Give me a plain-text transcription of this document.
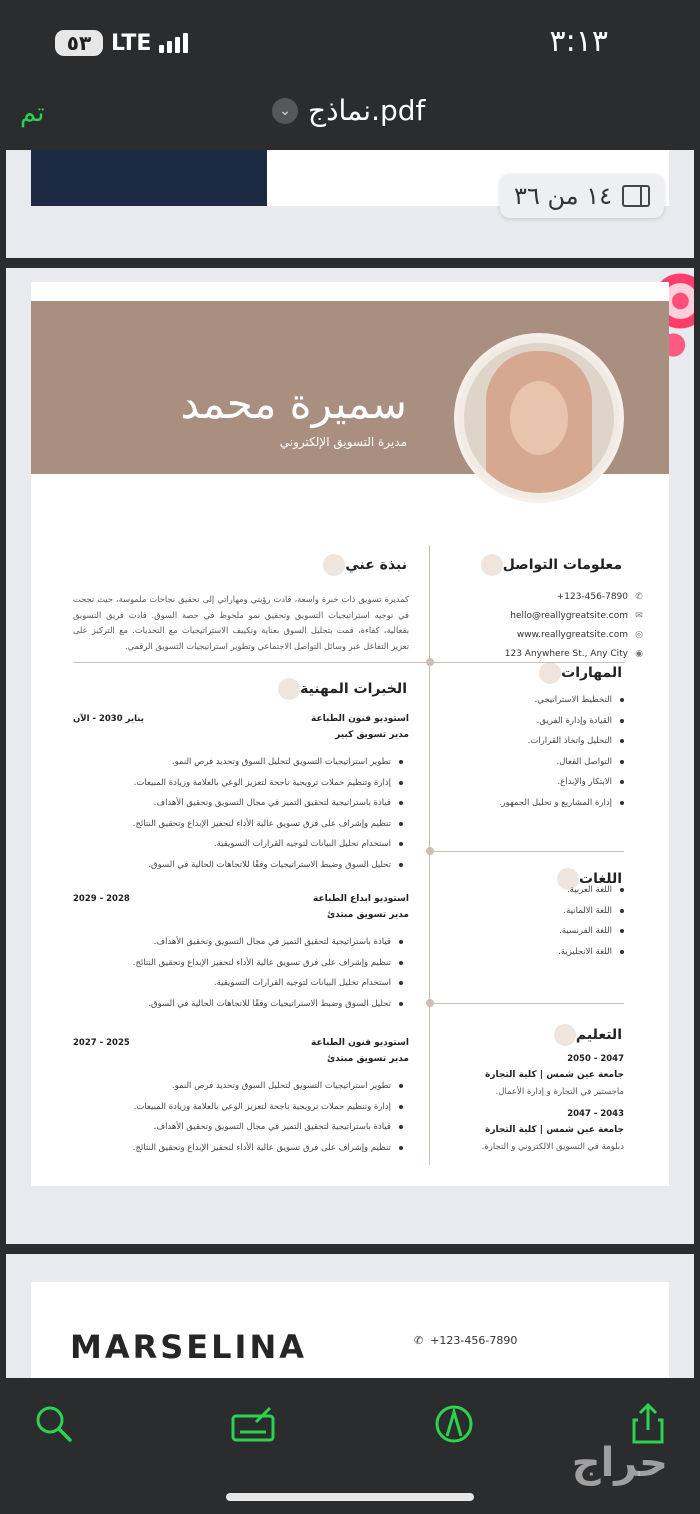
٥٣ LTE	٣:١٣
تم	⌄ نماذج.pdf
١٤ من ٣٦
سميرة محمد
مديرة التسويق الإلكتروني
معلومات التواصل
+123-456-7890 ✆
hello@reallygreatsite.com ✉
www.reallygreatsite.com ◎
123 Anywhere St., Any City ◉
المهارات
التخطيط الاستراتيجي.
القيادة وإدارة الفريق.
التحليل واتخاذ القرارات.
التواصل الفعال.
الابتكار والإبداع.
إدارة المشاريع و تحليل الجمهور.
اللغات
اللغة العربية.
اللغة الالمانية.
اللغة الفرنسية.
اللغة الانجليزية.
التعليم
2047 - 2050
جامعة عين شمس | كلية التجارة
ماجستير في التجارة و إدارة الأعمال.
2043 - 2047
جامعة عين شمس | كلية التجارة
دبلومة في التسويق الالكتروني و التجارة.
نبذة عني
كمديرة تسويق ذات خبرة واسعة، قادت رؤيتي ومهاراتي إلى تحقيق نجاحات ملموسة، حيث نجحت في توجيه استراتيجيات التسويق وتحقيق نمو ملحوظ في حصة السوق. قادت فريق التسويق بفعالية، كفاءة، قمت بتحليل السوق بعناية وتكييف الاستراتيجيات مع التحديات. مع التركيز على تعزيز التفاعل عبر وسائل التواصل الاجتماعي وتطوير استراتيجيات التسويق الرقمي.
الخبرات المهنية
استوديو فنون الطباعة
يناير 2030 - الآن
مدير تسويق كبير
تطوير استراتيجيات التسويق لتحليل السوق وتحديد فرص النمو.
إدارة وتنظيم حملات ترويجية ناجحة لتعزيز الوعي بالعلامة وزيادة المبيعات.
قيادة باستراتيجية لتحقيق التميز في مجال التسويق وتحقيق الأهداف.
تنظيم وإشراف على فرق تسويق عالية الأداء لتحفيز الإبداع وتحقيق النتائج.
استخدام تحليل البيانات لتوجيه القرارات التسويقية.
تحليل السوق وضبط الاستراتيجيات وفقًا للاتجاهات الحالية في السوق.
استوديو ابداع الطباعة
2028 - 2029
مدير تسويق مبتدئ
قيادة باستراتيجية لتحقيق التميز في مجال التسويق وتحقيق الأهداف.
تنظيم وإشراف على فرق تسويق عالية الأداء لتحفيز الإبداع وتحقيق النتائج.
استخدام تحليل البيانات لتوجيه القرارات التسويقية.
تحليل السوق وضبط الاستراتيجيات وفقًا للاتجاهات الحالية في السوق.
استوديو فنون الطباعة
2025 - 2027
مدير تسويق مبتدئ
تطوير استراتيجيات التسويق لتحليل السوق وتحديد فرص النمو.
إدارة وتنظيم حملات ترويجية ناجحة لتعزيز الوعي بالعلامة وزيادة المبيعات.
قيادة باستراتيجية لتحقيق التميز في مجال التسويق وتحقيق الأهداف.
تنظيم وإشراف على فرق تسويق عالية الأداء لتحفيز الإبداع وتحقيق النتائج.
MARSELINA	✆  +123-456-7890
حراج
